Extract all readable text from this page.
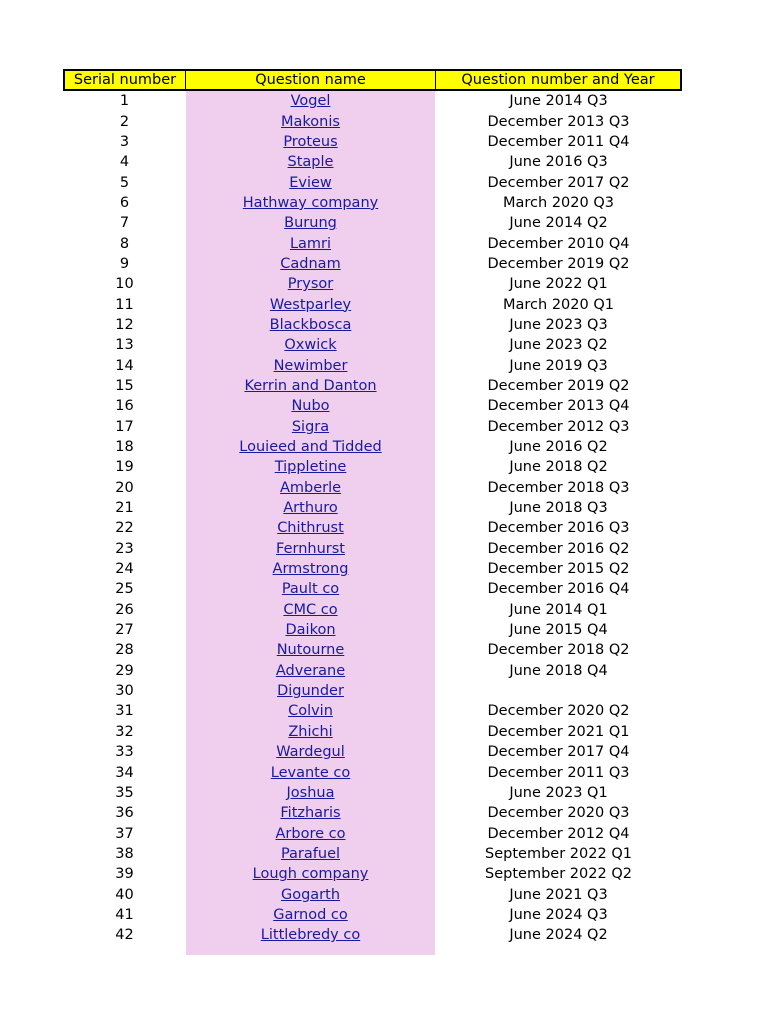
Serial number	Question name	Question number and Year
1	Vogel	June 2014 Q3
2	Makonis	December 2013 Q3
3	Proteus	December 2011 Q4
4	Staple	June 2016 Q3
5	Eview	December 2017 Q2
6	Hathway company	March 2020 Q3
7	Burung	June 2014 Q2
8	Lamri	December 2010 Q4
9	Cadnam	December 2019 Q2
10	Prysor	June 2022 Q1
11	Westparley	March 2020 Q1
12	Blackbosca	June 2023 Q3
13	Oxwick	June 2023 Q2
14	Newimber	June 2019 Q3
15	Kerrin and Danton	December 2019 Q2
16	Nubo	December 2013 Q4
17	Sigra	December 2012 Q3
18	Louieed and Tidded	June 2016 Q2
19	Tippletine	June 2018 Q2
20	Amberle	December 2018 Q3
21	Arthuro	June 2018 Q3
22	Chithrust	December 2016 Q3
23	Fernhurst	December 2016 Q2
24	Armstrong	December 2015 Q2
25	Pault co	December 2016 Q4
26	CMC co	June 2014 Q1
27	Daikon	June 2015 Q4
28	Nutourne	December 2018 Q2
29	Adverane	June 2018 Q4
30	Digunder
31	Colvin	December 2020 Q2
32	Zhichi	December 2021 Q1
33	Wardegul	December 2017 Q4
34	Levante co	December 2011 Q3
35	Joshua	June 2023 Q1
36	Fitzharis	December 2020 Q3
37	Arbore co	December 2012 Q4
38	Parafuel	September 2022 Q1
39	Lough company	September 2022 Q2
40	Gogarth	June 2021 Q3
41	Garnod co	June 2024 Q3
42	Littlebredy co	June 2024 Q2
